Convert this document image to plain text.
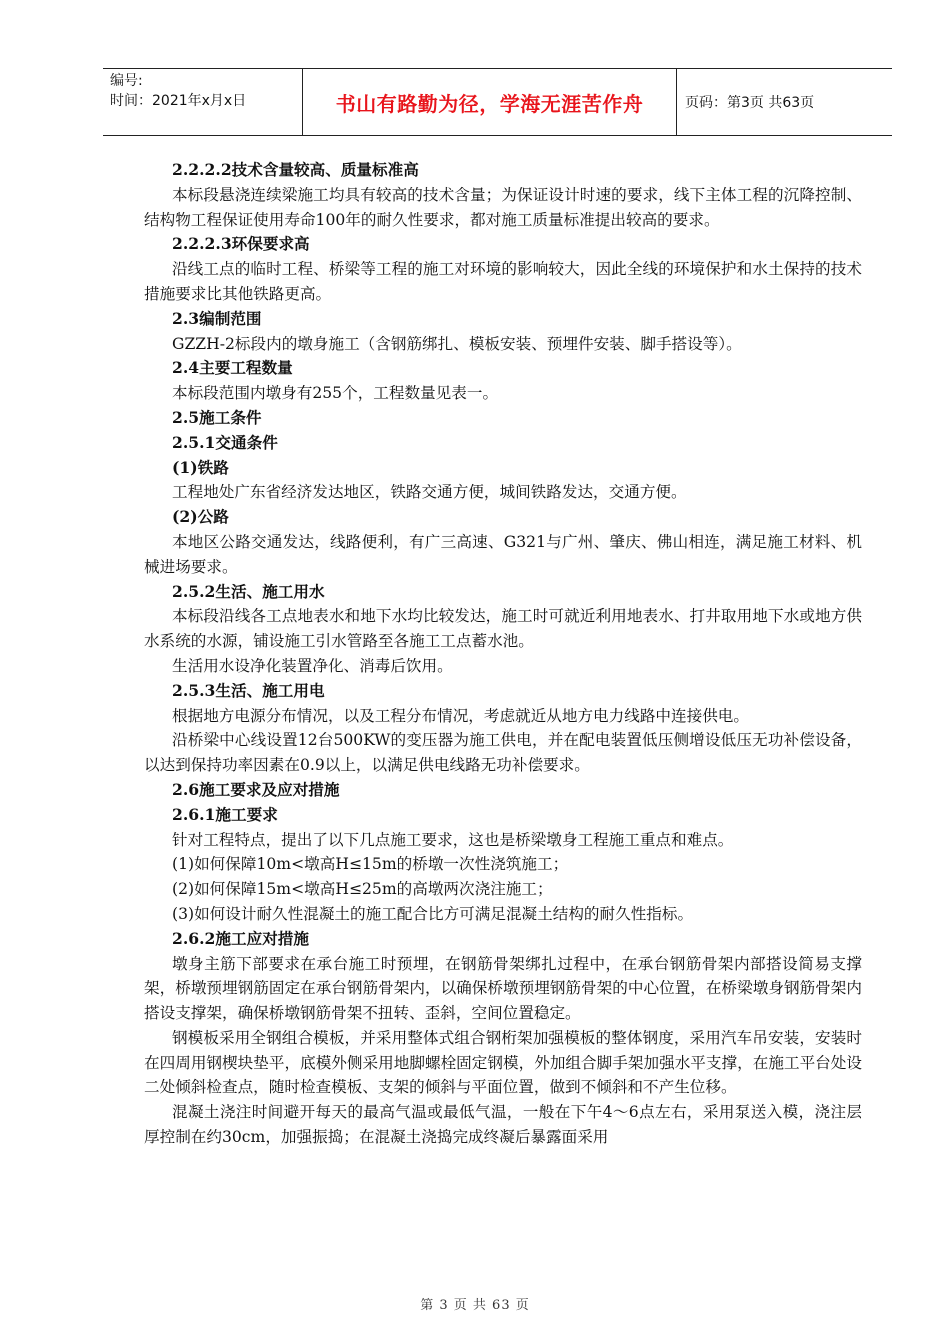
编号:
时间：2021年x月x日	书山有路勤为径，学海无涯苦作舟	页码：第3页 共63页

2.2.2.2技术含量较高、质量标准高

本标段悬浇连续梁施工均具有较高的技术含量；为保证设计时速的要求，线下主体工程的沉降控制、结构物工程保证使用寿命100年的耐久性要求，都对施工质量标准提出较高的要求。

2.2.2.3环保要求高

沿线工点的临时工程、桥梁等工程的施工对环境的影响较大，因此全线的环境保护和水土保持的技术措施要求比其他铁路更高。

2.3编制范围

GZZH-2标段内的墩身施工（含钢筋绑扎、模板安装、预埋件安装、脚手搭设等）。

2.4主要工程数量

本标段范围内墩身有255个，工程数量见表一。

2.5施工条件

2.5.1交通条件

(1)铁路

工程地处广东省经济发达地区，铁路交通方便，城间铁路发达，交通方便。

(2)公路

本地区公路交通发达，线路便利，有广三高速、G321与广州、肇庆、佛山相连，满足施工材料、机械进场要求。

2.5.2生活、施工用水

本标段沿线各工点地表水和地下水均比较发达，施工时可就近利用地表水、打井取用地下水或地方供水系统的水源，铺设施工引水管路至各施工工点蓄水池。

生活用水设净化装置净化、消毒后饮用。

2.5.3生活、施工用电

根据地方电源分布情况，以及工程分布情况，考虑就近从地方电力线路中连接供电。

沿桥梁中心线设置12台500KW的变压器为施工供电，并在配电装置低压侧增设低压无功补偿设备，以达到保持功率因素在0.9以上，以满足供电线路无功补偿要求。

2.6施工要求及应对措施

2.6.1施工要求

针对工程特点，提出了以下几点施工要求，这也是桥梁墩身工程施工重点和难点。

(1)如何保障10m<墩高H≤15m的桥墩一次性浇筑施工；

(2)如何保障15m<墩高H≤25m的高墩两次浇注施工；

(3)如何设计耐久性混凝土的施工配合比方可满足混凝土结构的耐久性指标。

2.6.2施工应对措施

墩身主筋下部要求在承台施工时预埋，在钢筋骨架绑扎过程中，在承台钢筋骨架内部搭设简易支撑架，桥墩预埋钢筋固定在承台钢筋骨架内，以确保桥墩预埋钢筋骨架的中心位置，在桥梁墩身钢筋骨架内搭设支撑架，确保桥墩钢筋骨架不扭转、歪斜，空间位置稳定。

钢模板采用全钢组合模板，并采用整体式组合钢桁架加强模板的整体钢度，采用汽车吊安装，安装时在四周用钢楔块垫平，底模外侧采用地脚螺栓固定钢模，外加组合脚手架加强水平支撑，在施工平台处设二处倾斜检查点，随时检查模板、支架的倾斜与平面位置，做到不倾斜和不产生位移。

混凝土浇注时间避开每天的最高气温或最低气温，一般在下午4～6点左右，采用泵送入模，浇注层厚控制在约30cm，加强振捣；在混凝土浇捣完成终凝后暴露面采用

第 3 页 共 63 页
